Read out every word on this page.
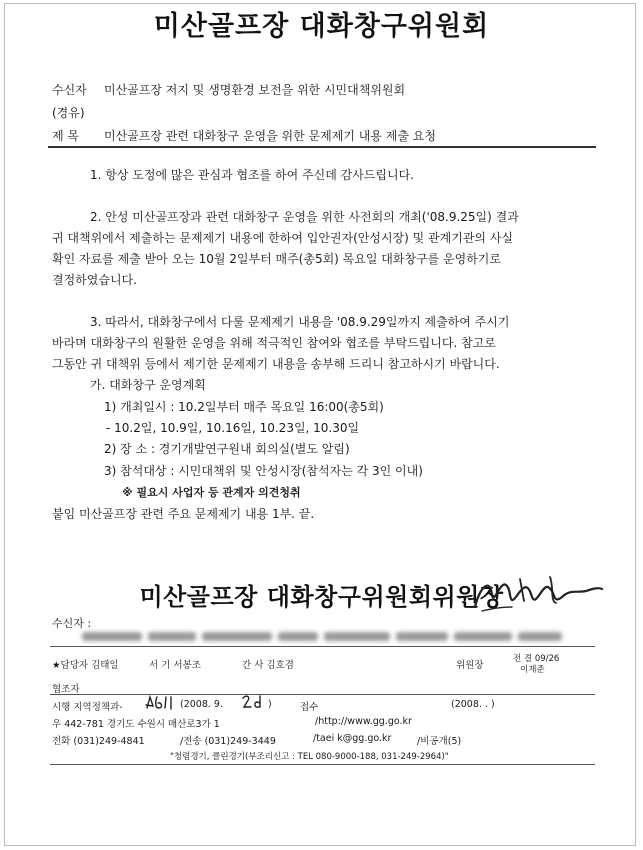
미산골프장 대화창구위원회
수신자 미산골프장 저지 및 생명환경 보전을 위한 시민대책위원회
(경유)
제 목 미산골프장 관련 대화창구 운영을 위한 문제제기 내용 제출 요청
1. 항상 도정에 많은 관심과 협조를 하여 주신데 감사드립니다.
2. 안성 미산골프장과 관련 대화창구 운영을 위한 사전회의 개최('08.9.25일) 결과
귀 대책위에서 제출하는 문제제기 내용에 한하여 입안권자(안성시장) 및 관계기관의 사실
확인 자료를 제출 받아 오는 10월 2일부터 매주(총5회) 목요일 대화창구를 운영하기로
결정하였습니다.
3. 따라서, 대화창구에서 다룰 문제제기 내용을 '08.9.29일까지 제출하여 주시기
바라며 대화창구의 원활한 운영을 위해 적극적인 참여와 협조를 부탁드립니다. 참고로
그동안 귀 대책위 등에서 제기한 문제제기 내용을 송부해 드리니 참고하시기 바랍니다.
가. 대화창구 운영계획
1) 개최일시 : 10.2일부터 매주 목요일 16:00(총5회)
- 10.2일, 10.9일, 10.16일, 10.23일, 10.30일
2) 장 소 : 경기개발연구원내 회의실(별도 알림)
3) 참석대상 : 시민대책위 및 안성시장(참석자는 각 3인 이내)
※ 필요시 사업자 등 관계자 의견청취
붙임 미산골프장 관련 주요 문제제기 내용 1부. 끝.
미산골프장 대화창구위원회위원장
수신자 :
★담당자 김태일	서 기 서봉조	간 사 김호겸	위원장
전 결 09/26
이재준
협조자
시행 지역정책과-	(2008. 9.	)	접수	(2008. . )
우 442-781 경기도 수원시 매산로3가 1	/http://www.gg.go.kr
전화 (031)249-4841	/전송 (031)249-3449	/taei k@gg.go.kr	/비공개(5)
"청렴경기, 클린경기(부조리신고 : TEL 080-9000-188, 031-249-2964)"
